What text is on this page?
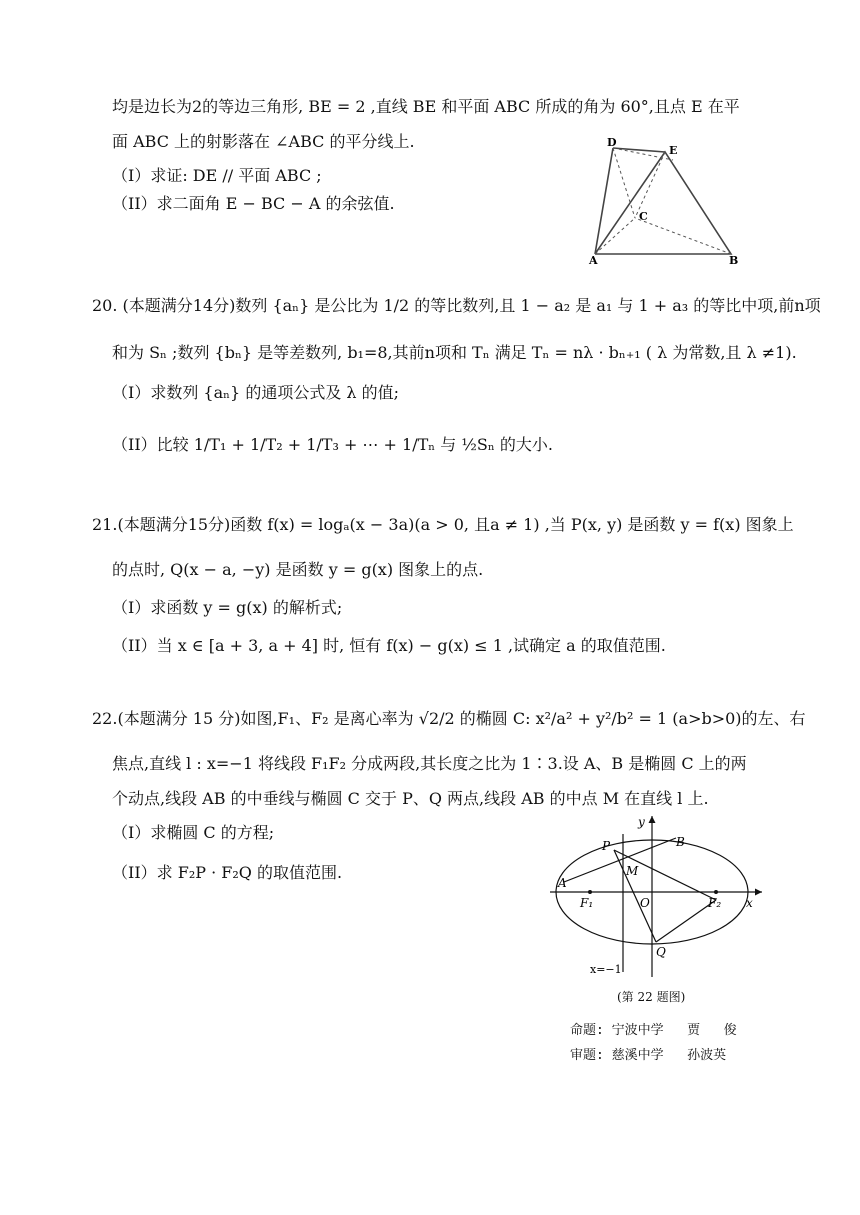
均是边长为2的等边三角形, BE = 2 ,直线 BE 和平面 ABC 所成的角为 60°,且点 E 在平
面 ABC 上的射影落在 ∠ABC 的平分线上.
（I）求证: DE // 平面 ABC ;
（II）求二面角 E − BC − A 的余弦值.
D
E
C
A	B
20. (本题满分14分)数列 {aₙ} 是公比为 1/2 的等比数列,且 1 − a₂ 是 a₁ 与 1 + a₃ 的等比中项,前n项
和为 Sₙ ;数列 {bₙ} 是等差数列, b₁=8,其前n项和 Tₙ 满足 Tₙ = nλ · bₙ₊₁ ( λ 为常数,且 λ ≠1).
（I）求数列 {aₙ} 的通项公式及 λ 的值;
（II）比较 1/T₁ + 1/T₂ + 1/T₃ + ⋯ + 1/Tₙ 与 ½Sₙ 的大小.
21.(本题满分15分)函数 f(x) = logₐ(x − 3a)(a > 0, 且a ≠ 1) ,当 P(x, y) 是函数 y = f(x) 图象上
的点时, Q(x − a, −y) 是函数 y = g(x) 图象上的点.
（I）求函数 y = g(x) 的解析式;
（II）当 x ∈ [a + 3, a + 4] 时, 恒有 f(x) − g(x) ≤ 1 ,试确定 a 的取值范围.
22.(本题满分 15 分)如图,F₁、F₂ 是离心率为 √2/2 的椭圆 C: x²/a² + y²/b² = 1 (a>b>0)的左、右
焦点,直线 l : x=−1 将线段 F₁F₂ 分成两段,其长度之比为 1∶3.设 A、B 是椭圆 C 上的两
个动点,线段 AB 的中垂线与椭圆 C 交于 P、Q 两点,线段 AB 的中点 M 在直线 l 上.
（I）求椭圆 C 的方程;
（II）求 F₂P · F₂Q 的取值范围.
y
x
P	B
M
A
F₁	O	F₂
Q
x=−1
(第 22 题图)
命题: 宁波中学   贾   俊
审题: 慈溪中学   孙波英
